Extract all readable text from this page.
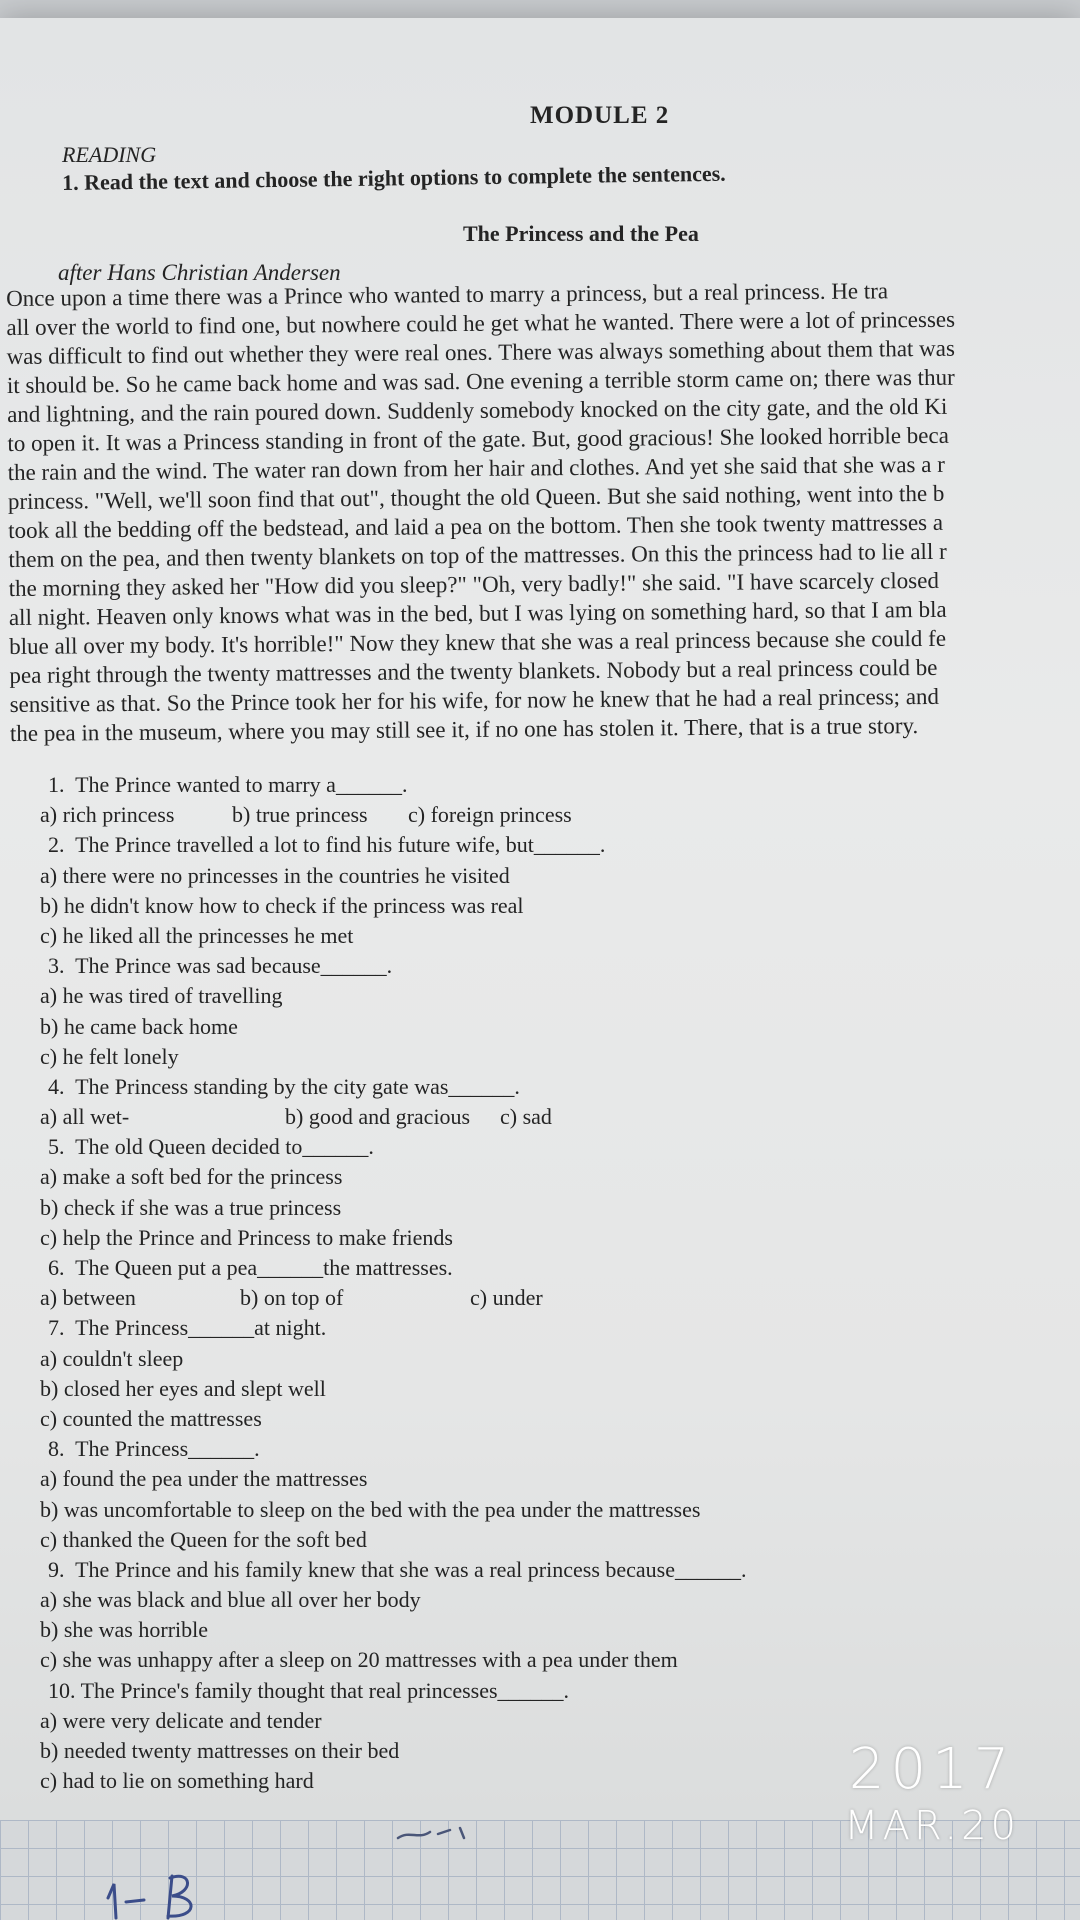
MODULE 2
READING
1. Read the text and choose the right options to complete the sentences.
The Princess and the Pea
after Hans Christian Andersen
Once upon a time there was a Prince who wanted to marry a princess, but a real princess. He tra
all over the world to find one, but nowhere could he get what he wanted. There were a lot of princesses
was difficult to find out whether they were real ones. There was always something about them that was
it should be. So he came back home and was sad. One evening a terrible storm came on; there was thur
and lightning, and the rain poured down. Suddenly somebody knocked on the city gate, and the old Ki
to open it. It was a Princess standing in front of the gate. But, good gracious! She looked horrible beca
the rain and the wind. The water ran down from her hair and clothes. And yet she said that she was a r
princess. "Well, we'll soon find that out", thought the old Queen. But she said nothing, went into the b
took all the bedding off the bedstead, and laid a pea on the bottom. Then she took twenty mattresses a
them on the pea, and then twenty blankets on top of the mattresses. On this the princess had to lie all r
the morning they asked her "How did you sleep?" "Oh, very badly!" she said. "I have scarcely closed
all night. Heaven only knows what was in the bed, but I was lying on something hard, so that I am bla
blue all over my body. It's horrible!" Now they knew that she was a real princess because she could fe
pea right through the twenty mattresses and the twenty blankets. Nobody but a real princess could be
sensitive as that. So the Prince took her for his wife, for now he knew that he had a real princess; and
the pea in the museum, where you may still see it, if no one has stolen it. There, that is a true story.
1.  The Prince wanted to marry a______.
a) rich princess	b) true princess c) foreign princess
2.  The Prince travelled a lot to find his future wife, but______.
a) there were no princesses in the countries he visited
b) he didn't know how to check if the princess was real
c) he liked all the princesses he met
3.  The Prince was sad because______.
a) he was tired of travelling
b) he came back home
c) he felt lonely
4.  The Princess standing by the city gate was______.
a) all wet-	b) good and gracious c) sad
5.  The old Queen decided to______.
a) make a soft bed for the princess
b) check if she was a true princess
c) help the Prince and Princess to make friends
6.  The Queen put a pea______the mattresses.
a) between	b) on top of	c) under
7.  The Princess______at night.
a) couldn't sleep
b) closed her eyes and slept well
c) counted the mattresses
8.  The Princess______.
a) found the pea under the mattresses
b) was uncomfortable to sleep on the bed with the pea under the mattresses
c) thanked the Queen for the soft bed
9.  The Prince and his family knew that she was a real princess because______.
a) she was black and blue all over her body
b) she was horrible
c) she was unhappy after a sleep on 20 mattresses with a pea under them
10. The Prince's family thought that real princesses______.
a) were very delicate and tender
b) needed twenty mattresses on their bed
c) had to lie on something hard	2017
MAR.20
